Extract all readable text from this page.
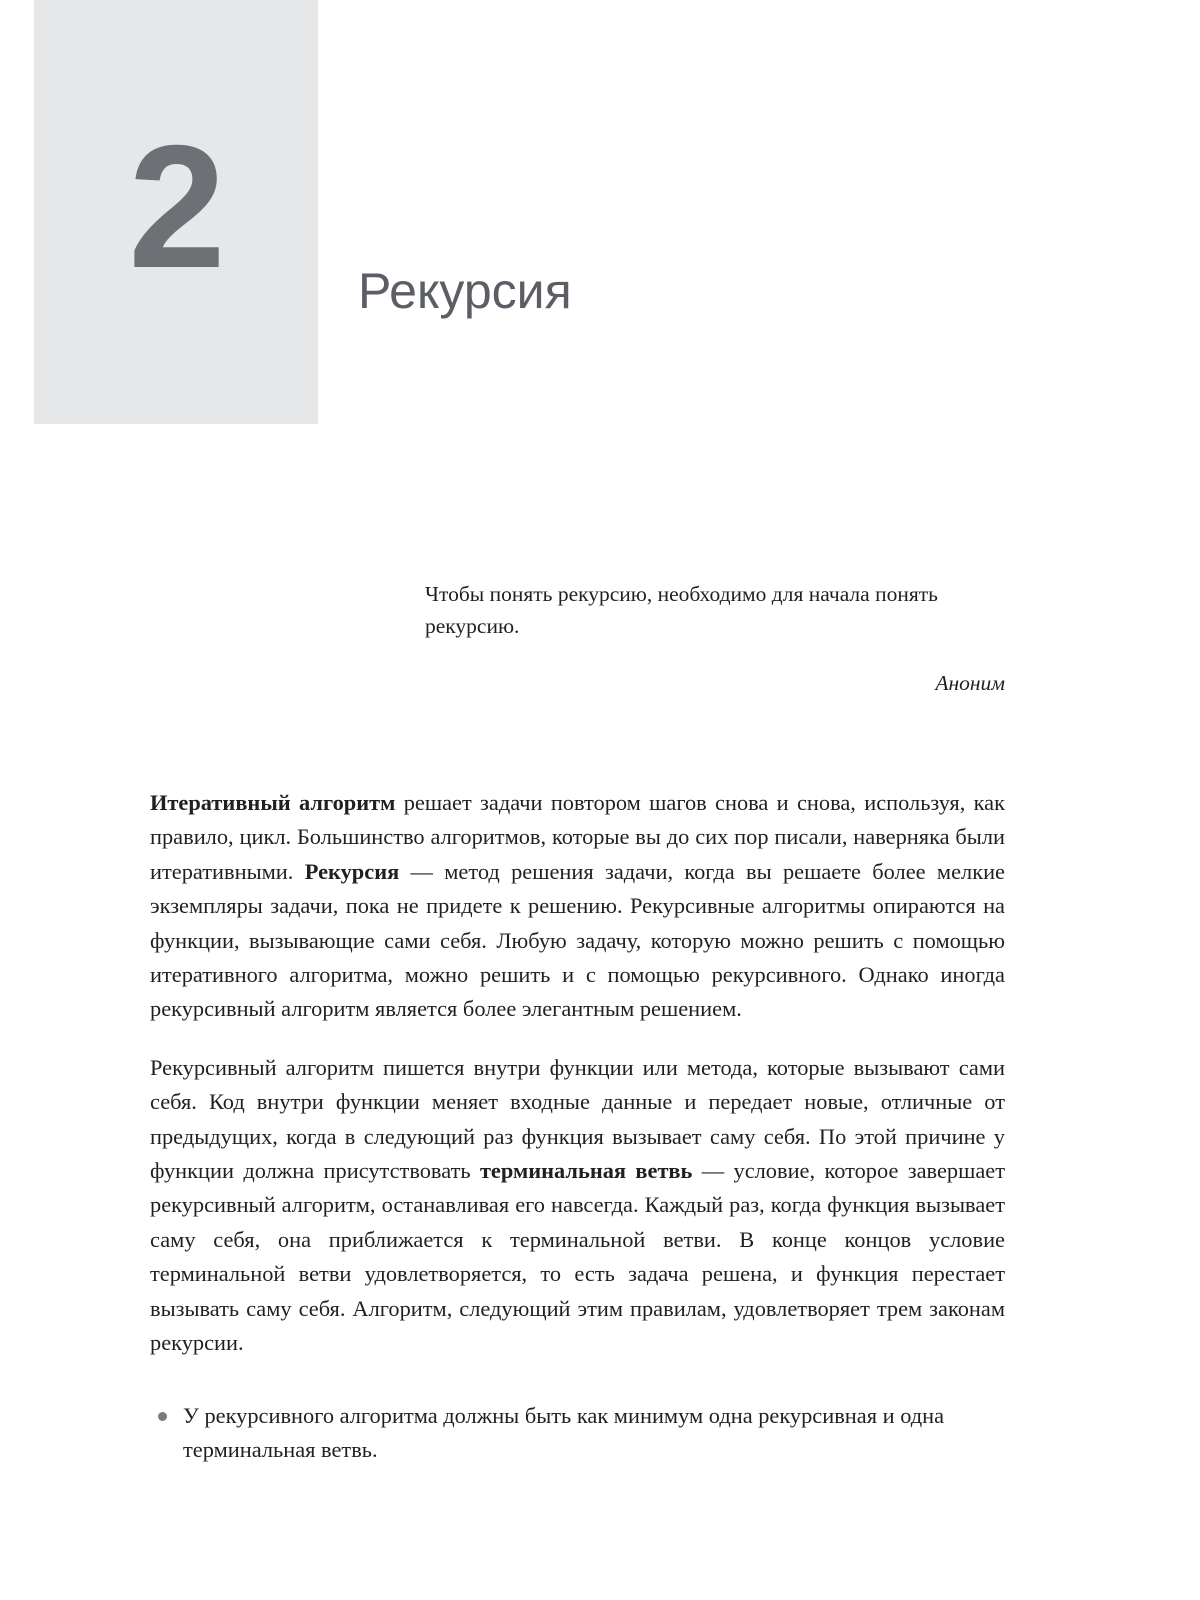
2	Рекурсия
Чтобы понять рекурсию, необходимо для начала понять рекурсию.
Аноним

Итеративный алгоритм решает задачи повтором шагов снова и снова, используя, как правило, цикл. Большинство алгоритмов, которые вы до сих пор писали, наверняка были итеративными. Рекурсия — метод решения задачи, когда вы решаете более мелкие экземпляры задачи, пока не придете к решению. Рекурсивные алгоритмы опираются на функции, вызывающие сами себя. Любую задачу, которую можно решить с помощью итеративного алгоритма, можно решить и с помощью рекурсивного. Однако иногда рекурсивный алгоритм является более элегантным решением.

Рекурсивный алгоритм пишется внутри функции или метода, которые вызывают сами себя. Код внутри функции меняет входные данные и передает новые, отличные от предыдущих, когда в следующий раз функция вызывает саму себя. По этой причине у функции должна присутствовать терминальная ветвь — условие, которое завершает рекурсивный алгоритм, останавливая его навсегда. Каждый раз, когда функция вызывает саму себя, она приближается к терминальной ветви. В конце концов условие терминальной ветви удовлетворяется, то есть задача решена, и функция перестает вызывать саму себя. Алгоритм, следующий этим правилам, удовлетворяет трем законам рекурсии.

У рекурсивного алгоритма должны быть как минимум одна рекурсивная и одна терминальная ветвь.
